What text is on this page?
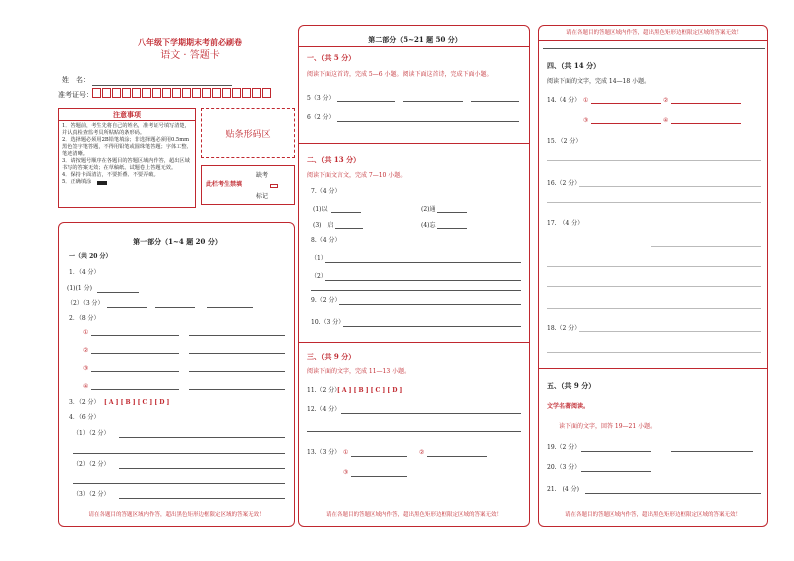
八年级下学期期末考前必刷卷
语文 · 答题卡
姓　名：
准考证号：
注意事项
1．答题前，考生先将自己的姓名，准考证号填写清楚，并认真检查监考员所粘贴的条形码。
2．选择题必须用2B铅笔填涂；非选择题必须用0.5mm黑色签字笔答题，不得用铅笔或圆珠笔答题；字体工整、笔迹清晰。
3．请按题号顺序在各题目的答题区域内作答，超出区域书写的答案无效；在草稿纸、试题卷上答题无效。
4．保持卡面清洁，不要折叠、不要弄破。
5．正确填涂
贴条形码区
此栏考生禁填
缺考
标记
第一部分（1~4 题 20 分）
一（共 20 分）
1．（4 分）
(1)(1 分)
（2）（3 分）
2．（8 分）
①
②
③
④
3．（2 分） [ A ] [ B ] [ C ] [ D ]
4．（6 分）
（1）（2 分）
（2）（2 分）
（3）（2 分）
请在各题目的答题区域内作答，超出黑色矩形边框限定区域的答案无效！
第二部分（5~21 题 50 分）
一、（共 5 分）
阅读下面这首诗，完成 5—6 小题。阅读下面这首诗，完成下面小题。
5（3 分）
6（2 分）
二、（共 13 分）
阅读下面文言文，完成 7—10 小题。
7.（4 分）
(1)以	(2)通
(3)　启	(4)忘
8.（4 分）
（1）
（2）
9.（2 分）
10.（3 分）
三、（共 9 分）
阅读下面的文字，完成 11—13 小题。
11.（2 分）
[ A ] [ B ] [ C ] [ D ]
12.（4 分）
13.（3 分） ①	②
③
请在各题目的答题区域内作答，超出黑色矩形边框限定区域的答案无效！
请在各题目的答题区域内作答，超出黑色矩形边框限定区域的答案无效！
四、（共 14 分）
阅读下面的文字，完成 14—18 小题。
14.（4 分） ①	②
③	④
15．（2 分）
16.（2 分）
17.　（4 分）
18.（2 分）
五、（共 9 分）
文学名著阅读。
读下面的文字，回答 19—21 小题。
19.（2 分）
20.（3 分）
21.　(4 分)
请在各题目的答题区域内作答，超出黑色矩形边框限定区域的答案无效！
